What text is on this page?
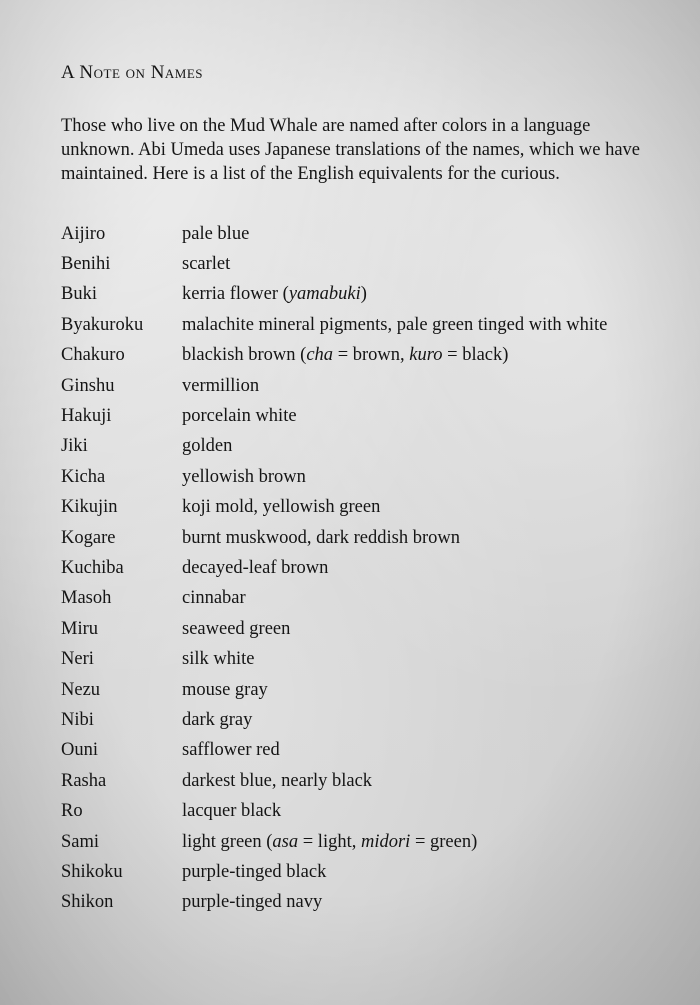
A Note on Names

Those who live on the Mud Whale are named after colors in a language unknown. Abi Umeda uses Japanese translations of the names, which we have maintained. Here is a list of the English equivalents for the curious.

Aijiro	pale blue
Benihi	scarlet
Buki	kerria flower (yamabuki)
Byakuroku	malachite mineral pigments, pale green tinged with white
Chakuro	blackish brown (cha = brown, kuro = black)
Ginshu	vermillion
Hakuji	porcelain white
Jiki	golden
Kicha	yellowish brown
Kikujin	koji mold, yellowish green
Kogare	burnt muskwood, dark reddish brown
Kuchiba	decayed-leaf brown
Masoh	cinnabar
Miru	seaweed green
Neri	silk white
Nezu	mouse gray
Nibi	dark gray
Ouni	safflower red
Rasha	darkest blue, nearly black
Ro	lacquer black
Sami	light green (asa = light, midori = green)
Shikoku	purple-tinged black
Shikon	purple-tinged navy
